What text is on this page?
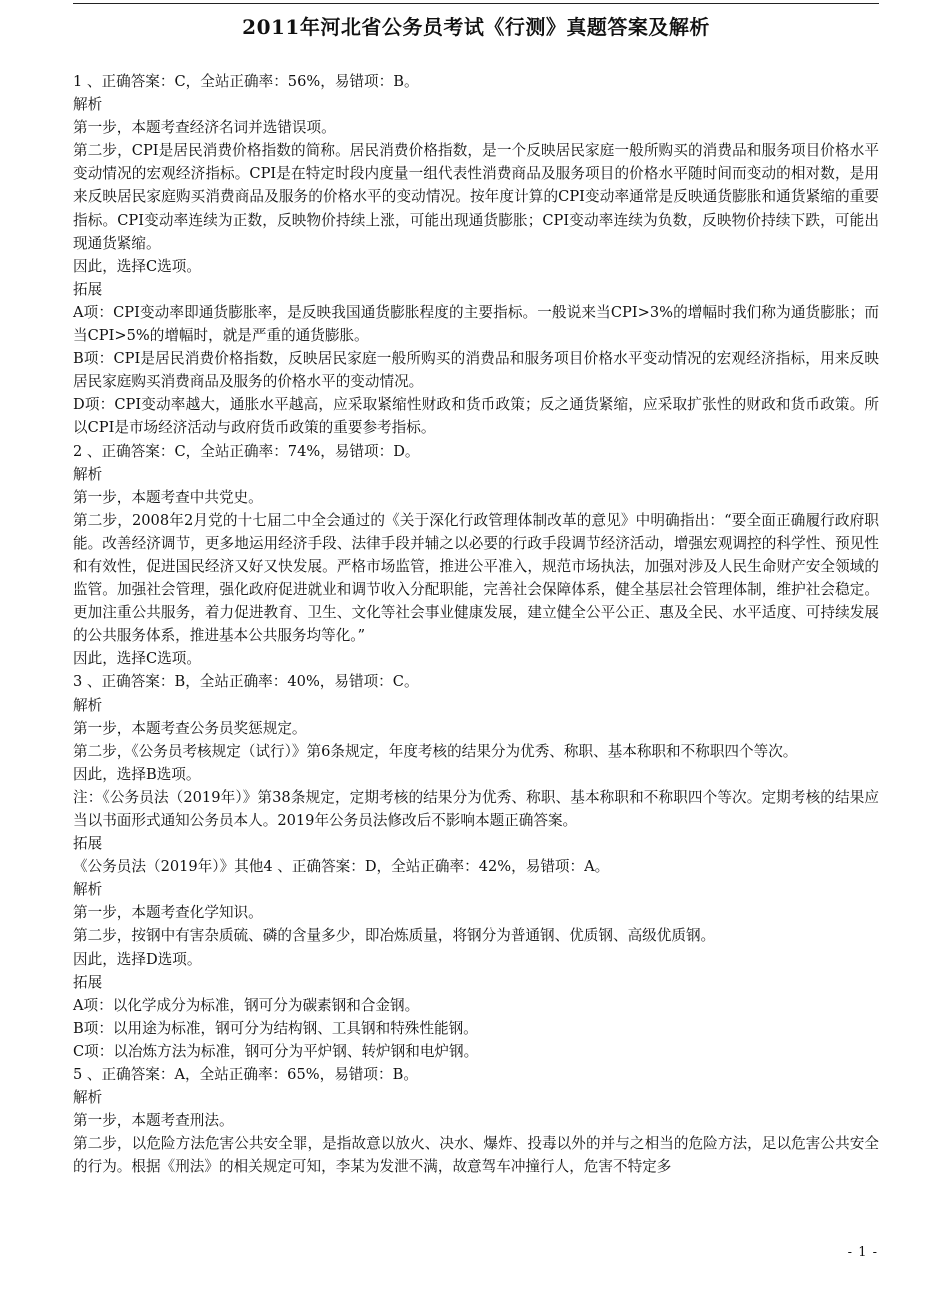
2011年河北省公务员考试《行测》真题答案及解析

1 、正确答案：C，全站正确率：56%，易错项：B。

解析

第一步，本题考查经济名词并选错误项。

第二步，CPI是居民消费价格指数的简称。居民消费价格指数，是一个反映居民家庭一般所购买的消费品和服务项目价格水平变动情况的宏观经济指标。CPI是在特定时段内度量一组代表性消费商品及服务项目的价格水平随时间而变动的相对数，是用来反映居民家庭购买消费商品及服务的价格水平的变动情况。按年度计算的CPI变动率通常是反映通货膨胀和通货紧缩的重要指标。CPI变动率连续为正数，反映物价持续上涨，可能出现通货膨胀；CPI变动率连续为负数，反映物价持续下跌，可能出现通货紧缩。

因此，选择C选项。

拓展

A项：CPI变动率即通货膨胀率，是反映我国通货膨胀程度的主要指标。一般说来当CPI>3%的增幅时我们称为通货膨胀；而当CPI>5%的增幅时，就是严重的通货膨胀。

B项：CPI是居民消费价格指数，反映居民家庭一般所购买的消费品和服务项目价格水平变动情况的宏观经济指标，用来反映居民家庭购买消费商品及服务的价格水平的变动情况。

D项：CPI变动率越大，通胀水平越高，应采取紧缩性财政和货币政策；反之通货紧缩，应采取扩张性的财政和货币政策。所以CPI是市场经济活动与政府货币政策的重要参考指标。

2 、正确答案：C，全站正确率：74%，易错项：D。

解析

第一步，本题考查中共党史。

第二步，2008年2月党的十七届二中全会通过的《关于深化行政管理体制改革的意见》中明确指出：“要全面正确履行政府职能。改善经济调节，更多地运用经济手段、法律手段并辅之以必要的行政手段调节经济活动，增强宏观调控的科学性、预见性和有效性，促进国民经济又好又快发展。严格市场监管，推进公平准入，规范市场执法，加强对涉及人民生命财产安全领域的监管。加强社会管理，强化政府促进就业和调节收入分配职能，完善社会保障体系，健全基层社会管理体制，维护社会稳定。更加注重公共服务，着力促进教育、卫生、文化等社会事业健康发展，建立健全公平公正、惠及全民、水平适度、可持续发展的公共服务体系，推进基本公共服务均等化。”

因此，选择C选项。

3 、正确答案：B，全站正确率：40%，易错项：C。

解析

第一步，本题考查公务员奖惩规定。

第二步，《公务员考核规定（试行）》第6条规定，年度考核的结果分为优秀、称职、基本称职和不称职四个等次。

因此，选择B选项。

注：《公务员法（2019年）》第38条规定，定期考核的结果分为优秀、称职、基本称职和不称职四个等次。定期考核的结果应当以书面形式通知公务员本人。2019年公务员法修改后不影响本题正确答案。

拓展

《公务员法（2019年）》其他4 、正确答案：D，全站正确率：42%，易错项：A。

解析

第一步，本题考查化学知识。

第二步，按钢中有害杂质硫、磷的含量多少，即冶炼质量，将钢分为普通钢、优质钢、高级优质钢。

因此，选择D选项。

拓展

A项：以化学成分为标准，钢可分为碳素钢和合金钢。

B项：以用途为标准，钢可分为结构钢、工具钢和特殊性能钢。

C项：以冶炼方法为标准，钢可分为平炉钢、转炉钢和电炉钢。

5 、正确答案：A，全站正确率：65%，易错项：B。

解析

第一步，本题考查刑法。

第二步，以危险方法危害公共安全罪，是指故意以放火、决水、爆炸、投毒以外的并与之相当的危险方法，足以危害公共安全的行为。根据《刑法》的相关规定可知，李某为发泄不满，故意驾车冲撞行人，危害不特定多

- 1 -
